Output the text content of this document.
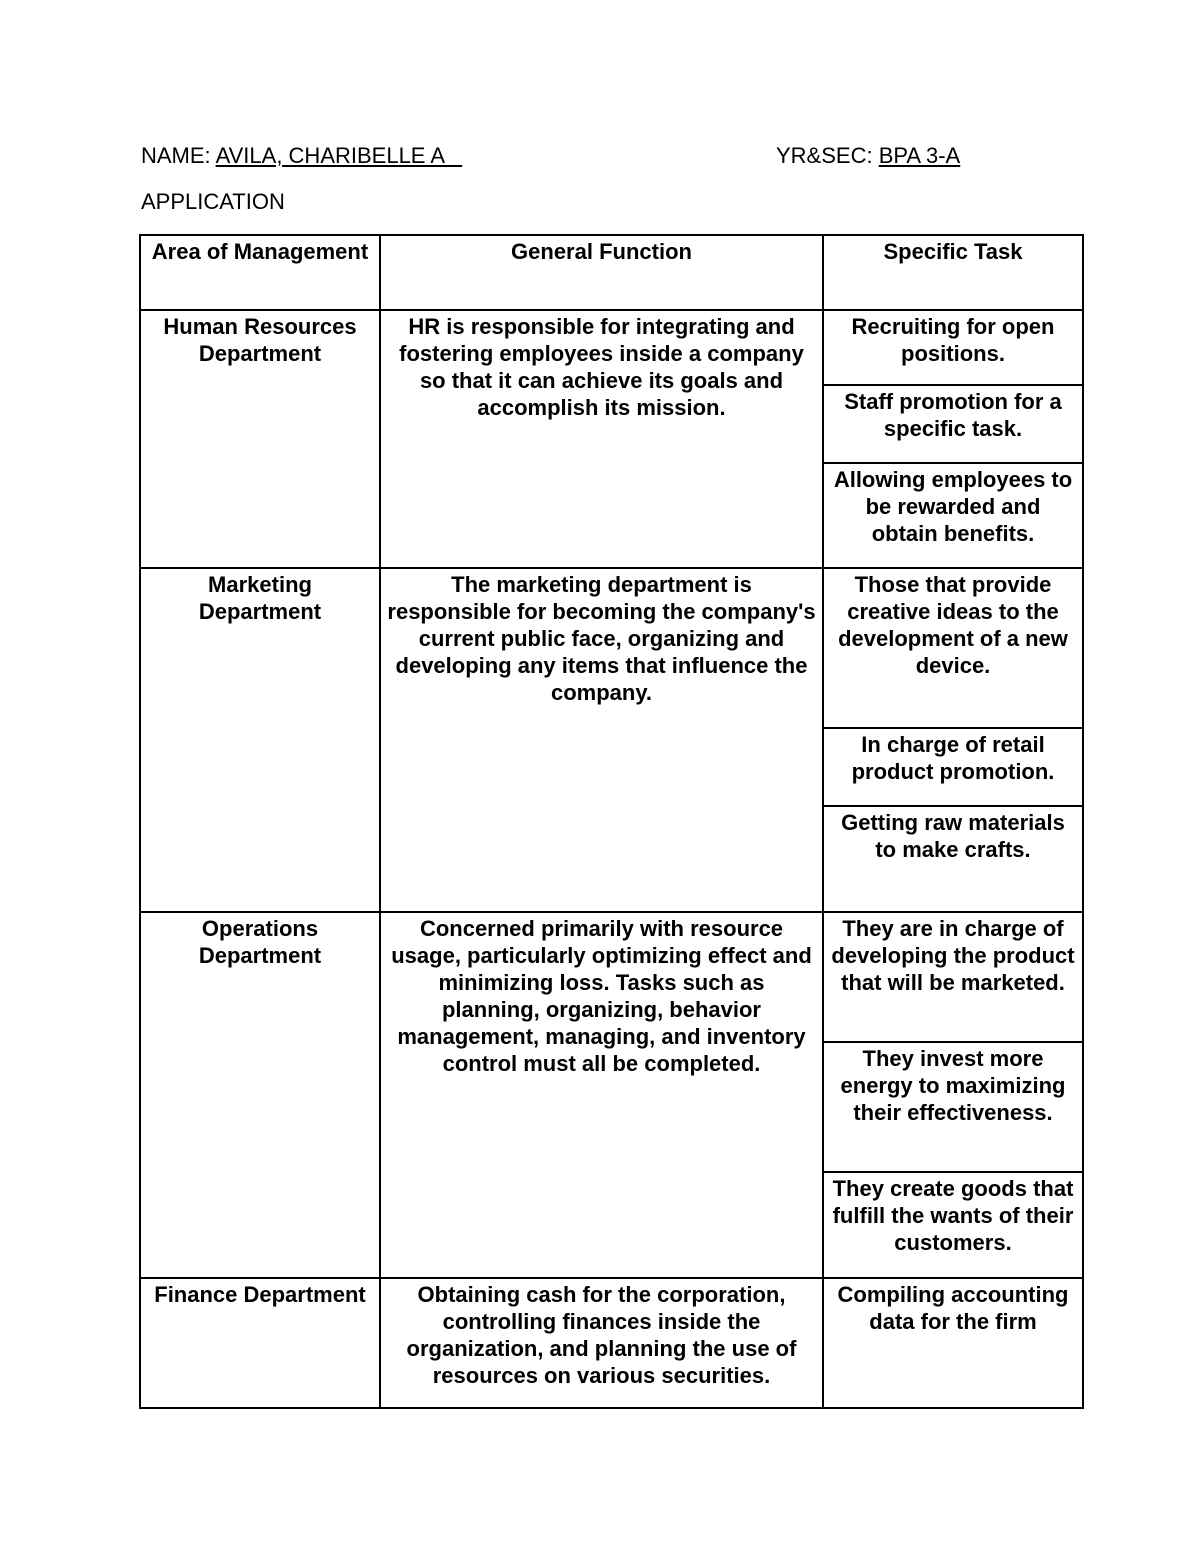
NAME: AVILA, CHARIBELLE A	YR&SEC: BPA 3-A
APPLICATION
Area of Management	General Function	Specific Task
Human Resources Department	HR is responsible for integrating and fostering employees inside a company so that it can achieve its goals and accomplish its mission.	Recruiting for open positions.
		Staff promotion for a specific task.
		Allowing employees to be rewarded and obtain benefits.
Marketing Department	The marketing department is responsible for becoming the company's current public face, organizing and developing any items that influence the company.	Those that provide creative ideas to the development of a new device.
		In charge of retail product promotion.
		Getting raw materials to make crafts.
Operations Department	Concerned primarily with resource usage, particularly optimizing effect and minimizing loss. Tasks such as planning, organizing, behavior management, managing, and inventory control must all be completed.	They are in charge of developing the product that will be marketed.
		They invest more energy to maximizing their effectiveness.
		They create goods that fulfill the wants of their customers.
Finance Department	Obtaining cash for the corporation, controlling finances inside the organization, and planning the use of resources on various securities.	Compiling accounting data for the firm
